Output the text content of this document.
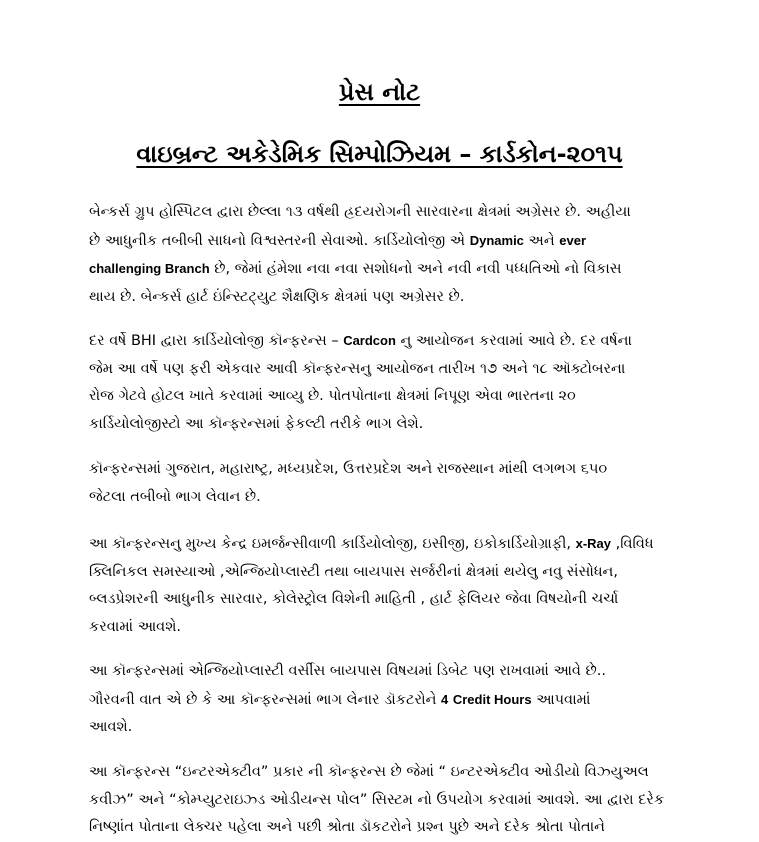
પ્રેસ નોટ
વાઇબ્રન્ટ અકેડેમિક સિમ્પોઝિયમ – કાર્ડકોન-૨૦૧૫
બેન્કર્સ ગ્રુપ હોસ્પિટલ દ્વારા છેલ્લા ૧૩ વર્ષથી હ્રદયરોગની સારવારના ક્ષેત્રમાં અગ્રેસર છે. અહીયા
છે આધુનીક તબીબી સાધનો વિશ્વસ્તરની સેવાઓ. કાર્ડિયોલોજી એ Dynamic અને ever
challenging Branch છે, જેમાં હંમેશા નવા નવા સશોધનો અને નવી નવી પધ્ધતિઓ નો વિકાસ
થાય છે. બેન્કર્સ હાર્ટ ઇંન્સ્ટિટ્યુટ શૈક્ષણિક ક્ષેત્રમાં પણ અગ્રેસર છે.
દર વર્ષે BHI દ્વારા કાર્ડિયોલોજી કૉન્ફરન્સ – Cardcon નુ આયોજન કરવામાં આવે છે. દર વર્ષના
જેમ આ વર્ષે પણ ફરી એકવાર આવી કૉન્ફરન્સનુ આયોજન તારીખ ૧૭ અને ૧૮ ઑક્ટોબરના
રોજ ગેટવે હોટલ ખાતે કરવામાં આવ્યુ છે. પોતપોતાના ક્ષેત્રમાં નિપૂણ એવા ભારતના ૨૦
કાર્ડિયોલોજીસ્ટો આ કૉન્ફરન્સમાં ફેકલ્ટી તરીકે ભાગ લેશે.
કૉન્ફરન્સમાં ગુજરાત, મહારાષ્ટ્ર, મધ્યપ્રદેશ, ઉત્તરપ્રદેશ અને રાજસ્થાન માંથી લગભગ ૬૫૦
જેટલા તબીબો ભાગ લેવાન છે.
આ કૉન્ફરન્સનુ મુખ્ય કેન્દ્ર ઇમર્જન્સીવાળી કાર્ડિયોલોજી, ઇસીજી, ઇકોકાર્ડિયોગ્રાફી, x-Ray ,વિવિધ
ક્લિનિકલ સમસ્યાઓ ,એન્જિયોપ્લાસ્ટી તથા બાયપાસ સર્જરીનાં ક્ષેત્રમાં થયેલુ નવુ સંસોધન,
બ્લડપ્રેશરની આધુનીક સારવાર, કોલેસ્ટ્રોલ વિશેની માહિતી , હાર્ટ ફેલિયર જેવા વિષયોની ચર્ચા
કરવામાં આવશે.
આ કૉન્ફરન્સમાં એન્જિયોપ્લાસ્ટી વર્સીસ બાયપાસ વિષયમાં ડિબેટ પણ રાખવામાં આવે છે..
ગૌરવની વાત એ છે કે આ કૉન્ફરન્સમાં ભાગ લેનાર ડૉકટરોને 4 Credit Hours આપવામાં
આવશે.
આ કૉન્ફરન્સ “ઇન્ટરએક્ટીવ” પ્રકાર ની કૉન્ફરન્સ છે જેમાં “ ઇન્ટરએક્ટીવ ઓડીયો વિઝ્યુઅલ
કવીઝ” અને “કોમ્પ્યુટરાઇઝ્ડ ઓડીયન્સ પોલ” સિસ્ટમ નો ઉપયોગ કરવામાં આવશે. આ દ્વારા દરેક
નિષ્ણાંત પોતાના લેક્ચર પહેલા અને પછી શ્રોતા ડૉકટરોને પ્રશ્ન પુછે અને દરેક શ્રોતા પોતાને
